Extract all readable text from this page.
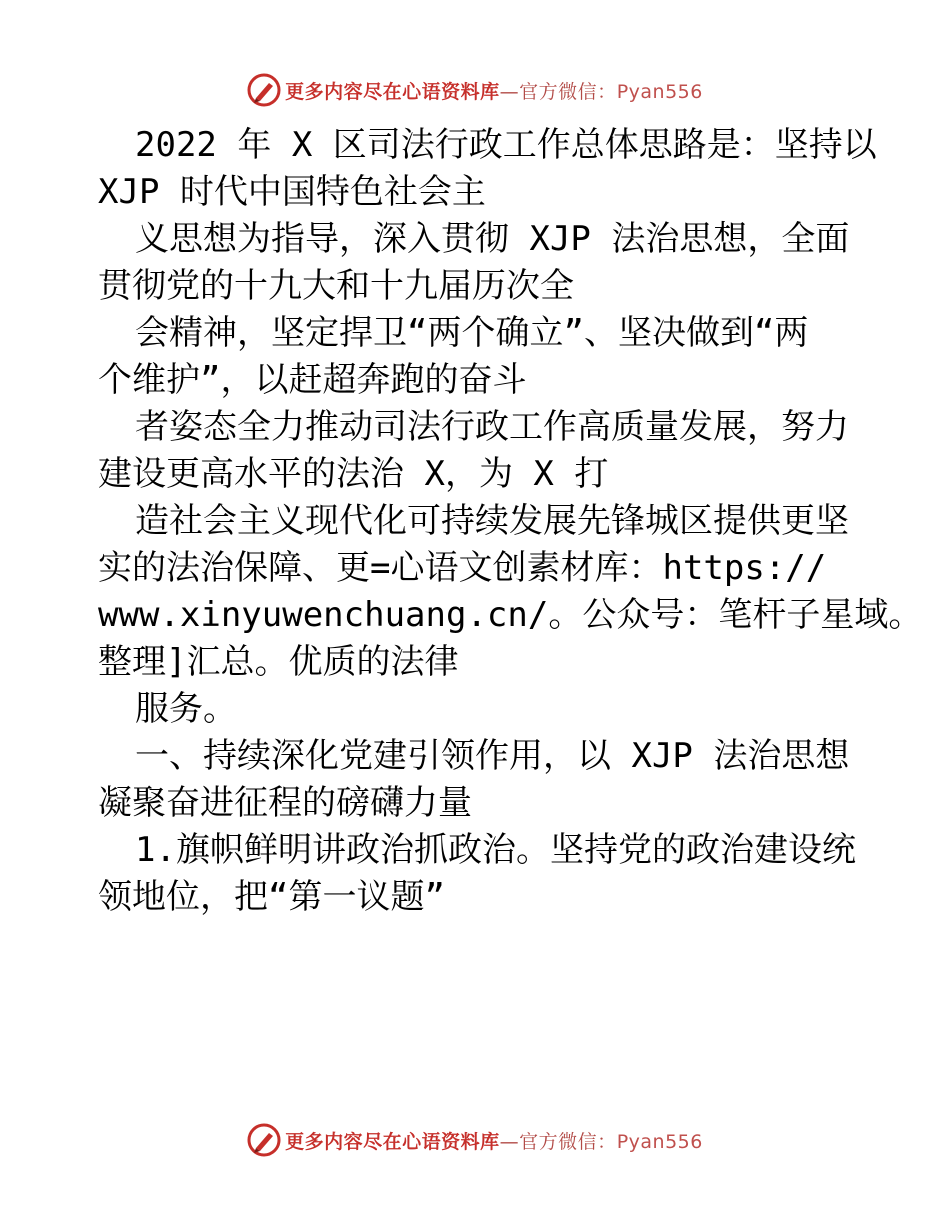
更多内容尽在心语资料库—官方微信：Pyan556
2022 年 X 区司法行政工作总体思路是：坚持以
XJP 时代中国特色社会主
义思想为指导，深入贯彻 XJP 法治思想，全面
贯彻党的十九大和十九届历次全
会精神，坚定捍卫“两个确立”、坚决做到“两
个维护”，以赶超奔跑的奋斗
者姿态全力推动司法行政工作高质量发展，努力
建设更高水平的法治 X，为 X 打
造社会主义现代化可持续发展先锋城区提供更坚
实的法治保障、更=心语文创素材库：https://
www.xinyuwenchuang.cn/。公众号：笔杆子星域。
整理]汇总。优质的法律
服务。
一、持续深化党建引领作用，以 XJP 法治思想
凝聚奋进征程的磅礴力量
1.旗帜鲜明讲政治抓政治。坚持党的政治建设统
领地位，把“第一议题”
更多内容尽在心语资料库—官方微信：Pyan556
